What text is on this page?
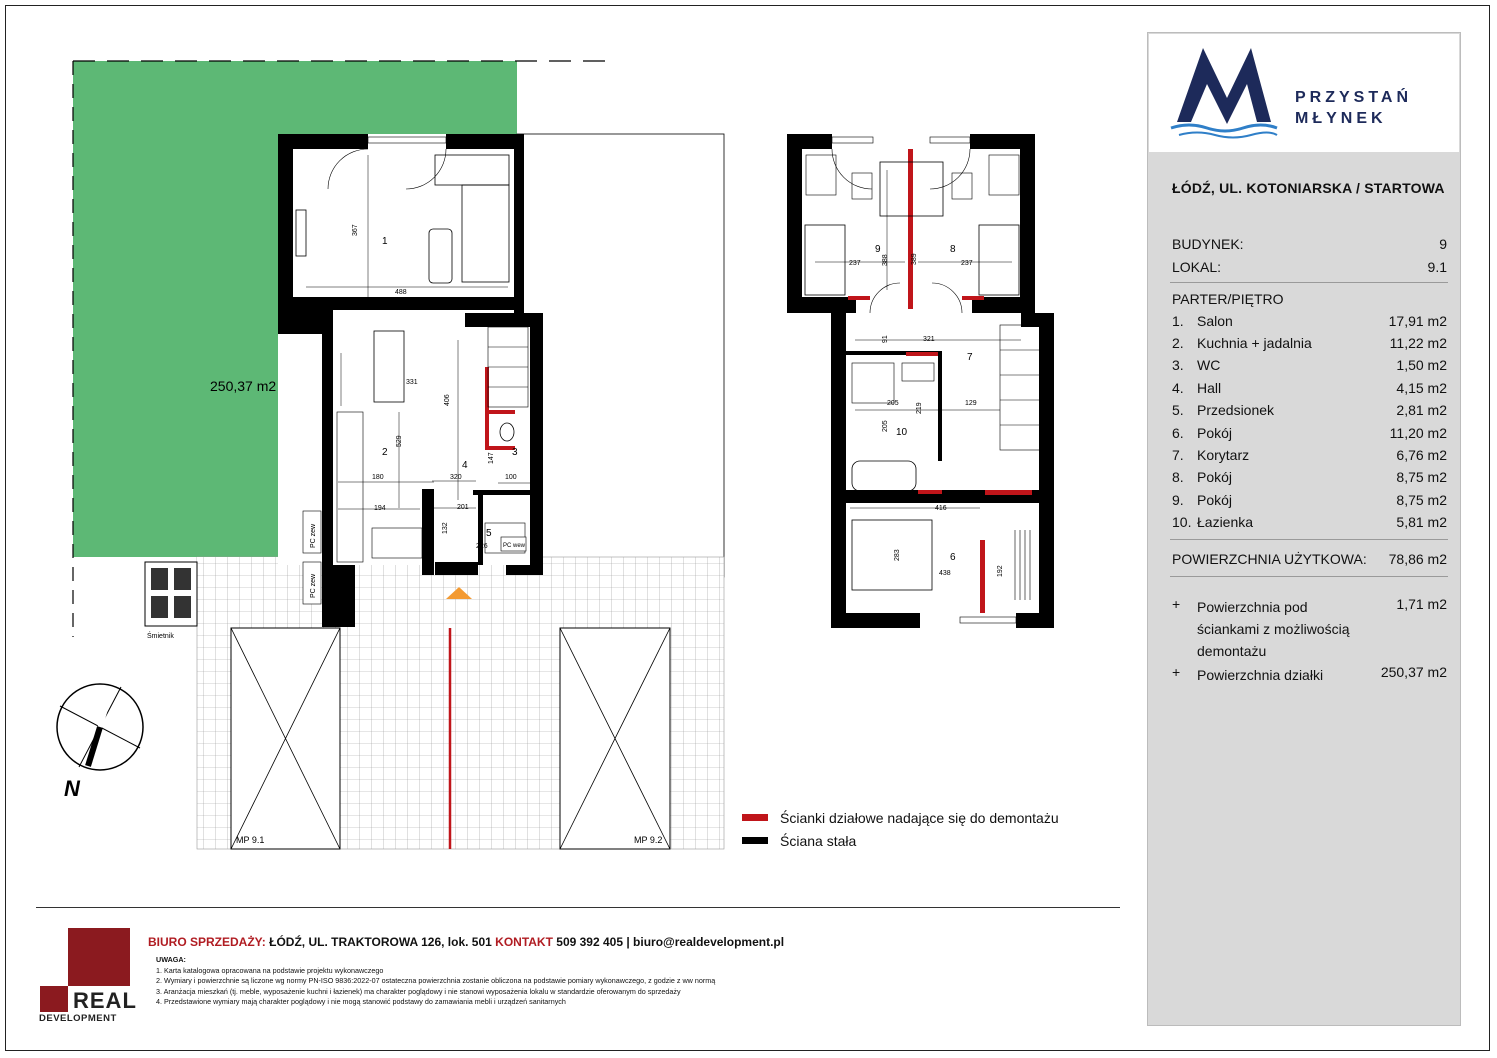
250,37 m2
MP 9.1	MP 9.2
Śmietnik
1
2	3
4
5
367
488
331
406
529
180
194
320
201
132
226
100
147
PC zew
PC zew
PC wew
6
7
8
9
10
283
438
416
192
321
91
205
205
129
219
389
237	237
388
N
Ścianki działowe nadające się do demontażu
Ściana stała
PRZYSTAŃ
MŁYNEK
ŁÓDŹ, UL. KOTONIARSKA / STARTOWA
BUDYNEK:	9
LOKAL:	9.1
PARTER/PIĘTRO
1. Salon	17,91 m2
2. Kuchnia + jadalnia	11,22 m2
3. WC	1,50 m2
4. Hall	4,15 m2
5. Przedsionek	2,81 m2
6. Pokój	11,20 m2
7. Korytarz	6,76 m2
8. Pokój	8,75 m2
9. Pokój	8,75 m2
10. Łazienka	5,81 m2
POWIERZCHNIA UŻYTKOWA: 78,86 m2
+ Powierzchnia pod ściankami z możliwością demontażu
1,71 m2
+ Powierzchnia działki	250,37 m2
REAL
DEVELOPMENT
BIURO SPRZEDAŻY: ŁÓDŹ, UL. TRAKTOROWA 126, lok. 501 KONTAKT 509 392 405 | biuro@realdevelopment.pl
UWAGA:
1. Karta katalogowa opracowana na podstawie projektu wykonawczego
2. Wymiary i powierzchnie są liczone wg normy PN-ISO 9836:2022-07 ostateczna powierzchnia zostanie obliczona na podstawie pomiary wykonawczego, z godzie z ww normą
3. Aranżacja mieszkań (tj. meble, wyposażenie kuchni i łazienek) ma charakter poglądowy i nie stanowi wyposażenia lokalu w standardzie oferowanym do sprzedaży
4. Przedstawione wymiary mają charakter poglądowy i nie mogą stanowić podstawy do zamawiania mebli i urządzeń sanitarnych
